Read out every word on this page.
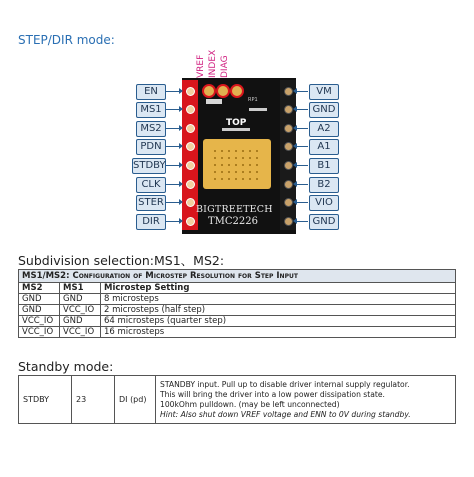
STEP/DIR mode:
VREF INDEX DIAG
RP1
TOP
BIGTREETECH
TMC2226
EN
MS1
MS2
PDN
STDBY
CLK
STER
DIR
VM
GND
A2
A1
B1
B2
VIO
GND
Subdivision selection:MS1、MS2:
MS1/MS2: Configuration of Microstep Resolution for Step Input		
MS2	MS1	Microstep Setting
GND	GND	8 microsteps
GND	VCC_IO	2 microsteps (half step)
VCC_IO	GND	64 microsteps (quarter step)
VCC_IO	VCC_IO	16 microsteps
Standby mode:
STDBY	23	DI (pd)	
STANDBY input. Pull up to disable driver internal supply regulator.
This will bring the driver into a low power dissipation state.
100kOhm pulldown. (may be left unconnected)
Hint: Also shut down VREF voltage and ENN to 0V during standby.
